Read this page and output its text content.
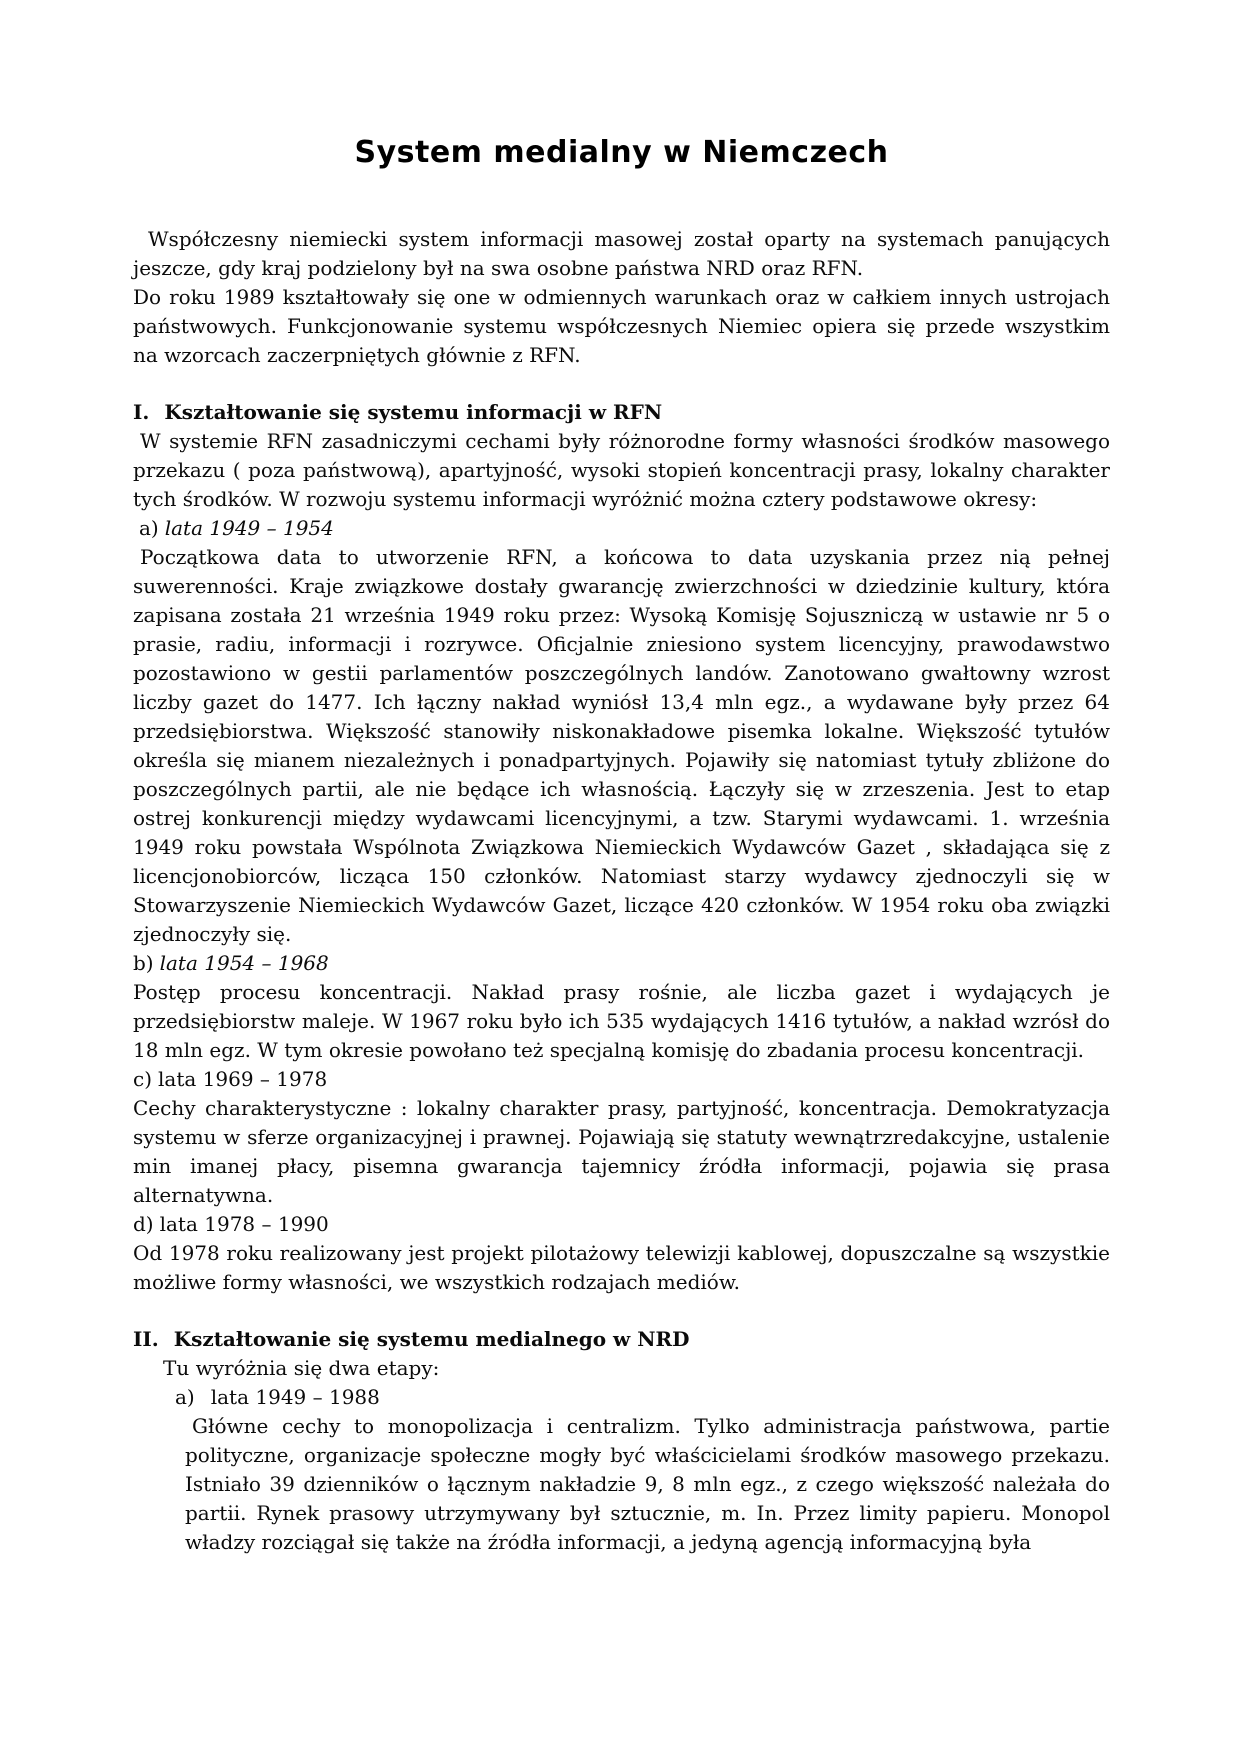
System medialny w Niemczech

Współczesny niemiecki system informacji masowej został oparty na systemach panujących jeszcze, gdy kraj podzielony był na swa osobne państwa NRD oraz RFN.

Do roku 1989 kształtowały się one w odmiennych warunkach oraz w całkiem innych ustrojach państwowych. Funkcjonowanie systemu współczesnych Niemiec opiera się przede wszystkim na wzorcach zaczerpniętych głównie z RFN.

I. Kształtowanie się systemu informacji w RFN

W systemie RFN zasadniczymi cechami były różnorodne formy własności środków masowego przekazu ( poza państwową), apartyjność, wysoki stopień koncentracji prasy, lokalny charakter tych środków. W rozwoju systemu informacji wyróżnić można cztery podstawowe okresy:

a) lata 1949 – 1954

Początkowa data to utworzenie RFN, a końcowa to data uzyskania przez nią pełnej suwerenności. Kraje związkowe dostały gwarancję zwierzchności w dziedzinie kultury, która zapisana została 21 września 1949 roku przez: Wysoką Komisję Sojuszniczą w ustawie nr 5 o prasie, radiu, informacji i rozrywce. Oficjalnie zniesiono system licencyjny, prawodawstwo pozostawiono w gestii parlamentów poszczególnych landów. Zanotowano gwałtowny wzrost liczby gazet do 1477. Ich łączny nakład wyniósł 13,4 mln egz., a wydawane były przez 64 przedsiębiorstwa. Większość stanowiły niskonakładowe pisemka lokalne. Większość tytułów określa się mianem niezależnych i ponadpartyjnych. Pojawiły się natomiast tytuły zbliżone do poszczególnych partii, ale nie będące ich własnością. Łączyły się w zrzeszenia. Jest to etap ostrej konkurencji między wydawcami licencyjnymi, a tzw. Starymi wydawcami. 1. września 1949 roku powstała Wspólnota Związkowa Niemieckich Wydawców Gazet , składająca się z licencjonobiorców, licząca 150 członków. Natomiast starzy wydawcy zjednoczyli się w Stowarzyszenie Niemieckich Wydawców Gazet, liczące 420 członków. W 1954 roku oba związki zjednoczyły się.

b) lata 1954 – 1968

Postęp procesu koncentracji. Nakład prasy rośnie, ale liczba gazet i wydających je przedsiębiorstw maleje. W 1967 roku było ich 535 wydających 1416 tytułów, a nakład wzrósł do 18 mln egz. W tym okresie powołano też specjalną komisję do zbadania procesu koncentracji.

c) lata 1969 – 1978

Cechy charakterystyczne : lokalny charakter prasy, partyjność, koncentracja. Demokratyzacja systemu w sferze organizacyjnej i prawnej. Pojawiają się statuty wewnątrzredakcyjne, ustalenie min imanej płacy, pisemna gwarancja tajemnicy źródła informacji, pojawia się prasa alternatywna.

d) lata 1978 – 1990

Od 1978 roku realizowany jest projekt pilotażowy telewizji kablowej, dopuszczalne są wszystkie możliwe formy własności, we wszystkich rodzajach mediów.

II. Kształtowanie się systemu medialnego w NRD

Tu wyróżnia się dwa etapy:

a) lata 1949 – 1988

Główne cechy to monopolizacja i centralizm. Tylko administracja państwowa, partie polityczne, organizacje społeczne mogły być właścicielami środków masowego przekazu. Istniało 39 dzienników o łącznym nakładzie 9, 8 mln egz., z czego większość należała do partii. Rynek prasowy utrzymywany był sztucznie, m. In. Przez limity papieru. Monopol władzy rozciągał się także na źródła informacji, a jedyną agencją informacyjną była
